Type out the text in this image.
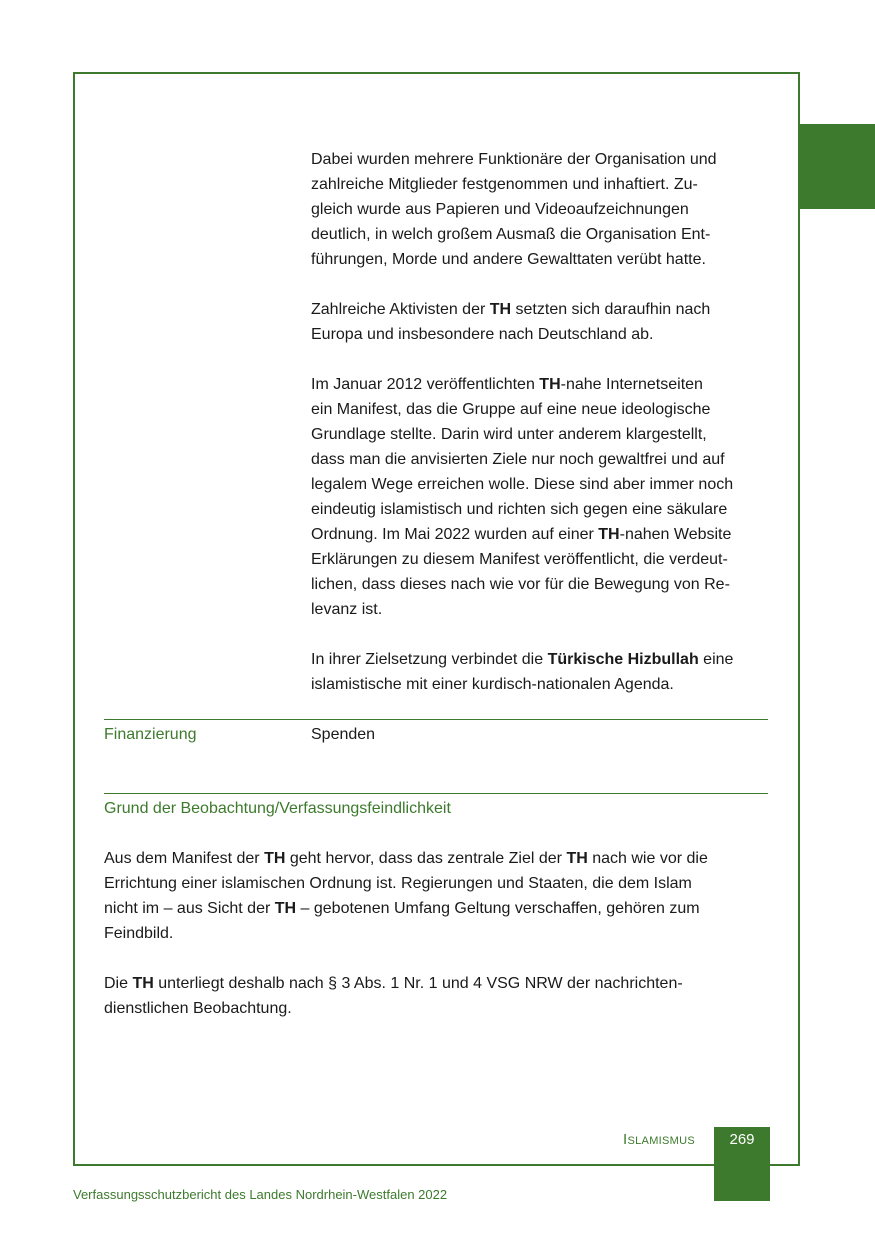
Dabei wurden mehrere Funktionäre der Organisation und

zahlreiche Mitglieder festgenommen und inhaftiert. Zu-

gleich wurde aus Papieren und Videoaufzeichnungen

deutlich, in welch großem Ausmaß die Organisation Ent-

führungen, Morde und andere Gewalttaten verübt hatte.

Zahlreiche Aktivisten der TH setzten sich daraufhin nach

Europa und insbesondere nach Deutschland ab.

Im Januar 2012 veröffentlichten TH-nahe Internetseiten

ein Manifest, das die Gruppe auf eine neue ideologische

Grundlage stellte. Darin wird unter anderem klargestellt,

dass man die anvisierten Ziele nur noch gewaltfrei und auf

legalem Wege erreichen wolle. Diese sind aber immer noch

eindeutig islamistisch und richten sich gegen eine säkulare

Ordnung. Im Mai 2022 wurden auf einer TH-nahen Website

Erklärungen zu diesem Manifest veröffentlicht, die verdeut-

lichen, dass dieses nach wie vor für die Bewegung von Re-

levanz ist.

In ihrer Zielsetzung verbindet die Türkische Hizbullah eine

islamistische mit einer kurdisch-nationalen Agenda.

Finanzierung	Spenden
Grund der Beobachtung/Verfassungsfeindlichkeit

Aus dem Manifest der TH geht hervor, dass das zentrale Ziel der TH nach wie vor die

Errichtung einer islamischen Ordnung ist. Regierungen und Staaten, die dem Islam

nicht im – aus Sicht der TH – gebotenen Umfang Geltung verschaffen, gehören zum

Feindbild.

Die TH unterliegt deshalb nach § 3 Abs. 1 Nr. 1 und 4 VSG NRW der nachrichten-

dienstlichen Beobachtung.

Islamismus	269
Verfassungsschutzbericht des Landes Nordrhein-Westfalen 2022
